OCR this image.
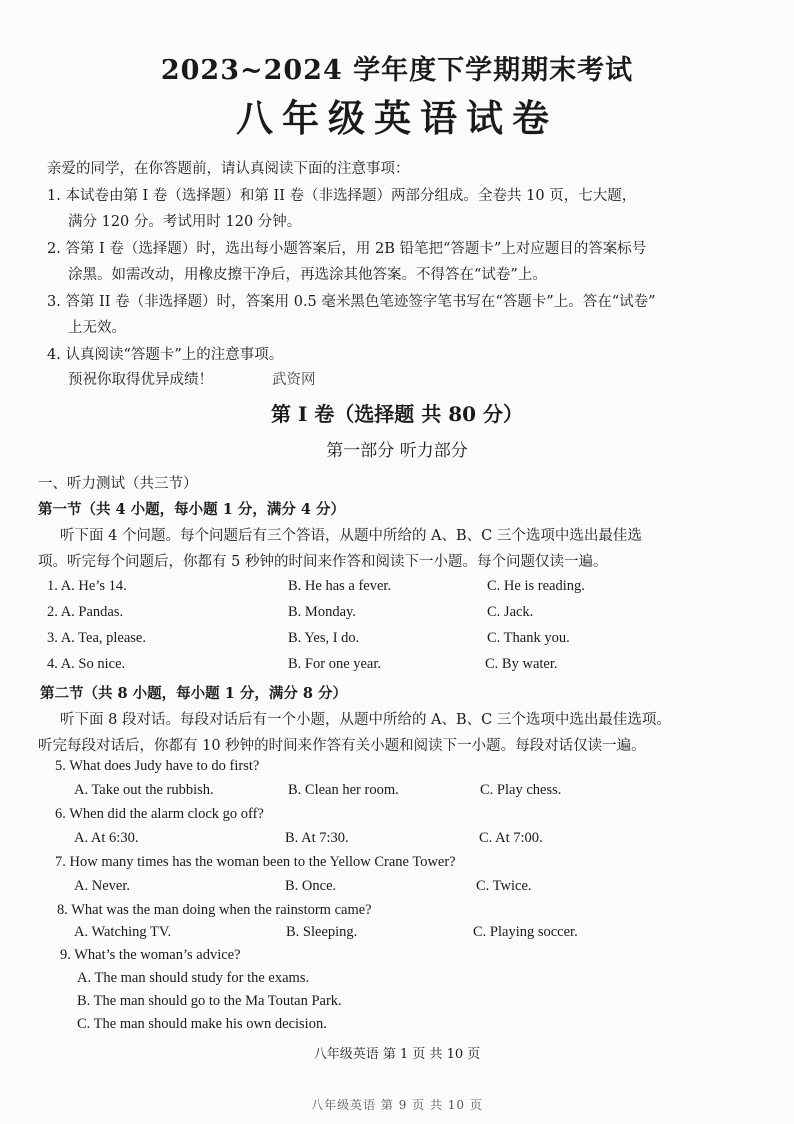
2023~2024 学年度下学期期末考试
八年级英语试卷
亲爱的同学，在你答题前，请认真阅读下面的注意事项：
1. 本试卷由第 I 卷（选择题）和第 II 卷（非选择题）两部分组成。全卷共 10 页，七大题，
满分 120 分。考试用时 120 分钟。
2. 答第 I 卷（选择题）时，选出每小题答案后，用 2B 铅笔把“答题卡”上对应题目的答案标号
涂黑。如需改动，用橡皮擦干净后，再选涂其他答案。不得答在“试卷”上。
3. 答第 II 卷（非选择题）时，答案用 0.5 毫米黑色笔迹签字笔书写在“答题卡”上。答在“试卷”
上无效。
4. 认真阅读“答题卡”上的注意事项。
预祝你取得优异成绩！	武资网
第 I 卷（选择题 共 80 分）
第一部分 听力部分
一、听力测试（共三节）
第一节（共 4 小题，每小题 1 分，满分 4 分）
听下面 4 个问题。每个问题后有三个答语，从题中所给的 A、B、C 三个选项中选出最佳选
项。听完每个问题后，你都有 5 秒钟的时间来作答和阅读下一小题。每个问题仅读一遍。
1. A. He’s 14.	B. He has a fever.	C. He is reading.
2. A. Pandas.	B. Monday.	C. Jack.
3. A. Tea, please.	B. Yes, I do.	C. Thank you.
4. A. So nice.	B. For one year.	C. By water.
第二节（共 8 小题，每小题 1 分，满分 8 分）
听下面 8 段对话。每段对话后有一个小题，从题中所给的 A、B、C 三个选项中选出最佳选项。
听完每段对话后，你都有 10 秒钟的时间来作答有关小题和阅读下一小题。每段对话仅读一遍。
5. What does Judy have to do first?
A. Take out the rubbish.	B. Clean her room.	C. Play chess.
6. When did the alarm clock go off?
A. At 6:30.	B. At 7:30.	C. At 7:00.
7. How many times has the woman been to the Yellow Crane Tower?
A. Never.	B. Once.	C. Twice.
8. What was the man doing when the rainstorm came?
A. Watching TV.	B. Sleeping.	C. Playing soccer.
9. What’s the woman’s advice?
A. The man should study for the exams.
B. The man should go to the Ma Toutan Park.
C. The man should make his own decision.
八年级英语 第 1 页 共 10 页
八年级英语 第 9 页 共 10 页
